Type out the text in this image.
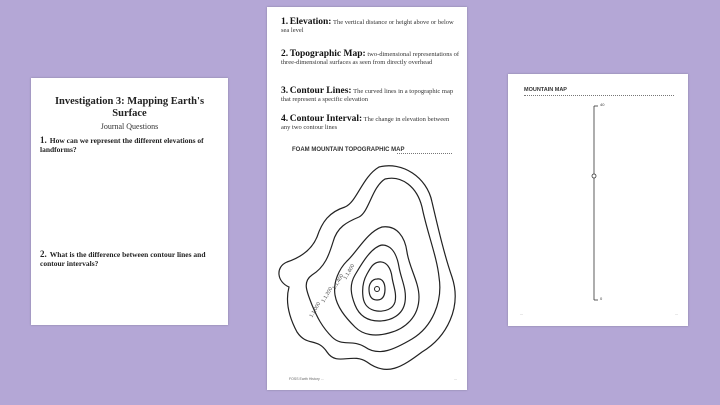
Investigation 3: Mapping Earth's Surface
Journal Questions
1. How can we represent the different elevations of landforms?
2. What is the difference between contour lines and contour intervals?
1. Elevation: The vertical distance or height above or below sea level
2. Topographic Map: two-dimensional representations of three-dimensional surfaces as seen from directly overhead
3. Contour Lines: The curved lines in a topographic map that represent a specific elevation
4. Contour Interval: The change in elevation between any two contour lines
FOAM MOUNTAIN TOPOGRAPHIC MAP
1.1,000
1.1,200
1.1,400
1.1,600
FOSS Earth History ...	...
MOUNTAIN MAP
40
0
...	...
